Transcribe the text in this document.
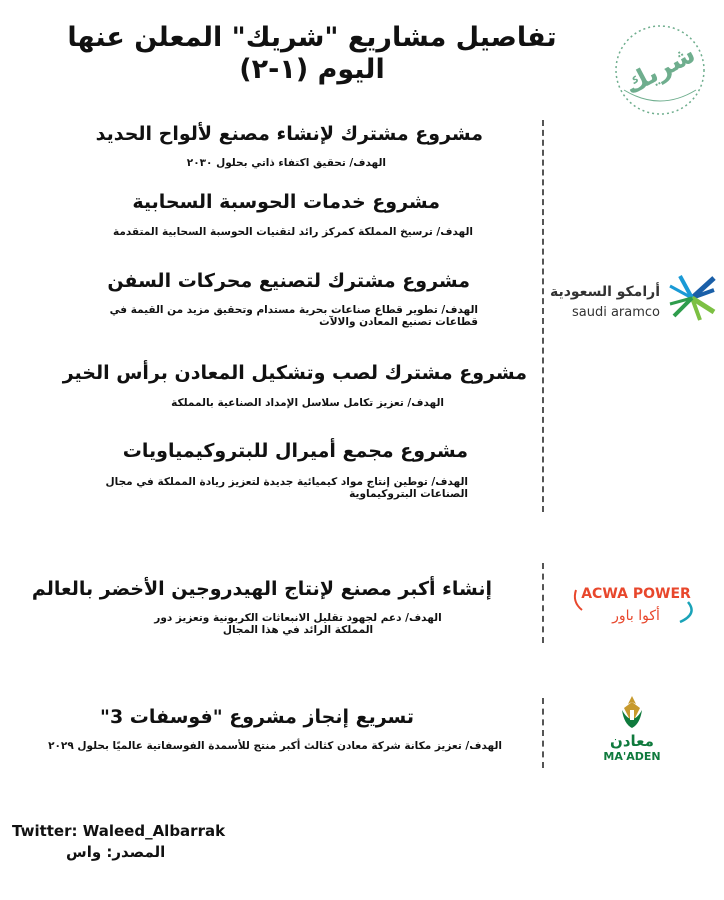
تفاصيل مشاريع "شريك" المعلن عنها اليوم (١-٢)	شريك
مشروع مشترك لإنشاء مصنع لألواح الحديد
الهدف/ تحقيق اكتفاء ذاتي بحلول ٢٠٣٠
مشروع خدمات الحوسبة السحابية
الهدف/ ترسيخ المملكة كمركز رائد لتقنيات الحوسبة السحابية المتقدمة
مشروع مشترك لتصنيع محركات السفن
الهدف/ تطوير قطاع صناعات بحرية مستدام وتحقيق مزيد من القيمة في قطاعات تصنيع المعادن والالآت
مشروع مشترك لصب وتشكيل المعادن برأس الخير
الهدف/ تعزيز تكامل سلاسل الإمداد الصناعية بالمملكة
مشروع مجمع أميرال للبتروكيمياويات
الهدف/ توطين إنتاج مواد كيميائية جديدة لتعزيز ريادة المملكة في مجال الصناعات البتروكيماوية
أرامكو السعودية
saudi aramco
إنشاء أكبر مصنع لإنتاج الهيدروجين الأخضر بالعالم
الهدف/ دعم لجهود تقليل الانبعاثات الكربونية وتعزيز دور المملكة الرائد في هذا المجال
ACWA POWER
أكوا باور
تسريع إنجاز مشروع "فوسفات 3"
الهدف/ تعزيز مكانة شركة معادن كثالث أكبر منتج للأسمدة الفوسفاتية عالميًا بحلول ٢٠٢٩	معادن
MA'ADEN
Twitter: Waleed_Albarrak
المصدر: واس
